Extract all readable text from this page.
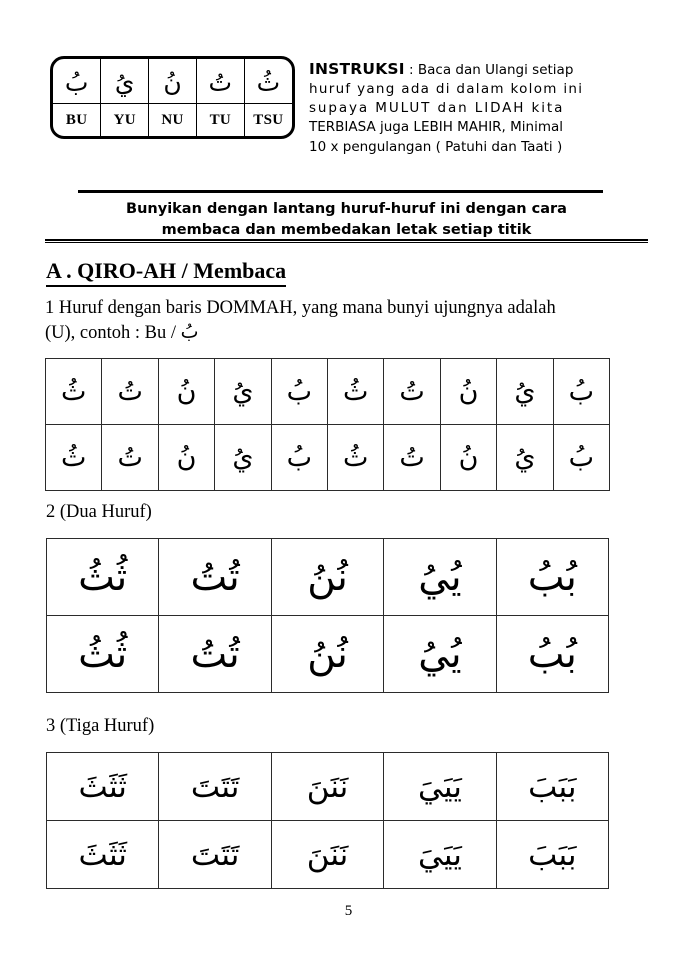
بُ	يُ	نُ	تُ	ثُ
BU	YU	NU	TU	TSU
INSTRUKSI : Baca dan Ulangi setiap
huruf yang ada di dalam kolom ini
supaya MULUT dan LIDAH kita
TERBIASA juga LEBIH MAHIR, Minimal
10 x pengulangan ( Patuhi dan Taati )
Bunyikan dengan lantang huruf-huruf ini dengan cara
membaca dan membedakan letak setiap titik
A . QIRO-AH / Membaca
1 Huruf dengan baris DOMMAH, yang mana bunyi ujungnya adalah
(U), contoh : Bu / بُ
بُ	يُ	نُ	تُ	ثُ	بُ	يُ	نُ	تُ	ثُ
بُ	يُ	نُ	تُ	ثُ	بُ	يُ	نُ	تُ	ثُ
2 (Dua Huruf)
بُبُ	يُيُ	نُنُ	تُتُ	ثُثُ
بُبُ	يُيُ	نُنُ	تُتُ	ثُثُ
3 (Tiga Huruf)
بَبَبَ	يَيَيَ	نَنَنَ	تَتَتَ	ثَثَثَ
بَبَبَ	يَيَيَ	نَنَنَ	تَتَتَ	ثَثَثَ
5
